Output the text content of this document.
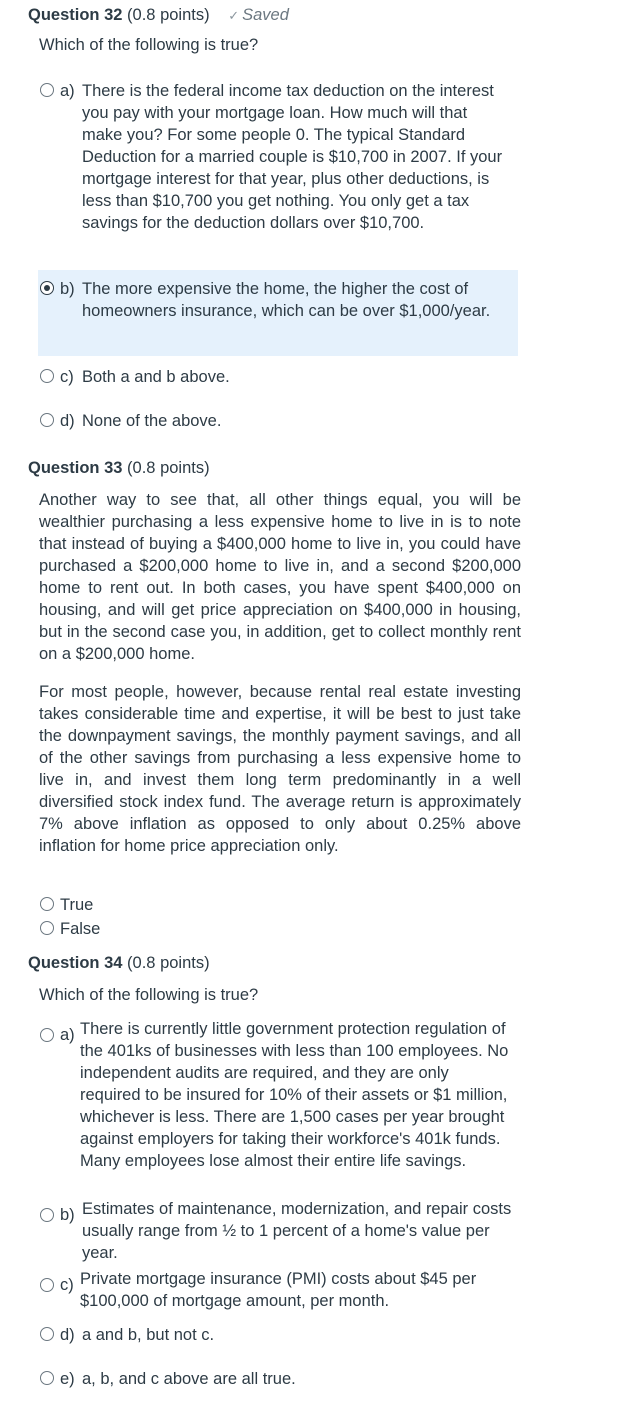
Question 32 (0.8 points) ✓ Saved
Which of the following is true?
a) There is the federal income tax deduction on the interest you pay with your mortgage loan. How much will that make you? For some people 0. The typical Standard Deduction for a married couple is $10,700 in 2007. If your mortgage interest for that year, plus other deductions, is less than $10,700 you get nothing. You only get a tax savings for the deduction dollars over $10,700.
b) The more expensive the home, the higher the cost of homeowners insurance, which can be over $1,000/year.
c) Both a and b above.
d) None of the above.
Question 33 (0.8 points)

Another way to see that, all other things equal, you will be wealthier purchasing a less expensive home to live in is to note that instead of buying a $400,000 home to live in, you could have purchased a $200,000 home to live in, and a second $200,000 home to rent out. In both cases, you have spent $400,000 on housing, and will get price appreciation on $400,000 in housing, but in the second case you, in addition, get to collect monthly rent on a $200,000 home.

For most people, however, because rental real estate investing takes considerable time and expertise, it will be best to just take the downpayment savings, the monthly payment savings, and all of the other savings from purchasing a less expensive home to live in, and invest them long term predominantly in a well diversified stock index fund. The average return is approximately 7% above inflation as opposed to only about 0.25% above inflation for home price appreciation only.

True
False
Question 34 (0.8 points)
Which of the following is true?
a) There is currently little government protection regulation of the 401ks of businesses with less than 100 employees. No independent audits are required, and they are only required to be insured for 10% of their assets or $1 million, whichever is less. There are 1,500 cases per year brought against employers for taking their workforce's 401k funds. Many employees lose almost their entire life savings.
b) Estimates of maintenance, modernization, and repair costs usually range from ½ to 1 percent of a home's value per year.
c) Private mortgage insurance (PMI) costs about $45 per $100,000 of mortgage amount, per month.
d) a and b, but not c.
e) a, b, and c above are all true.
